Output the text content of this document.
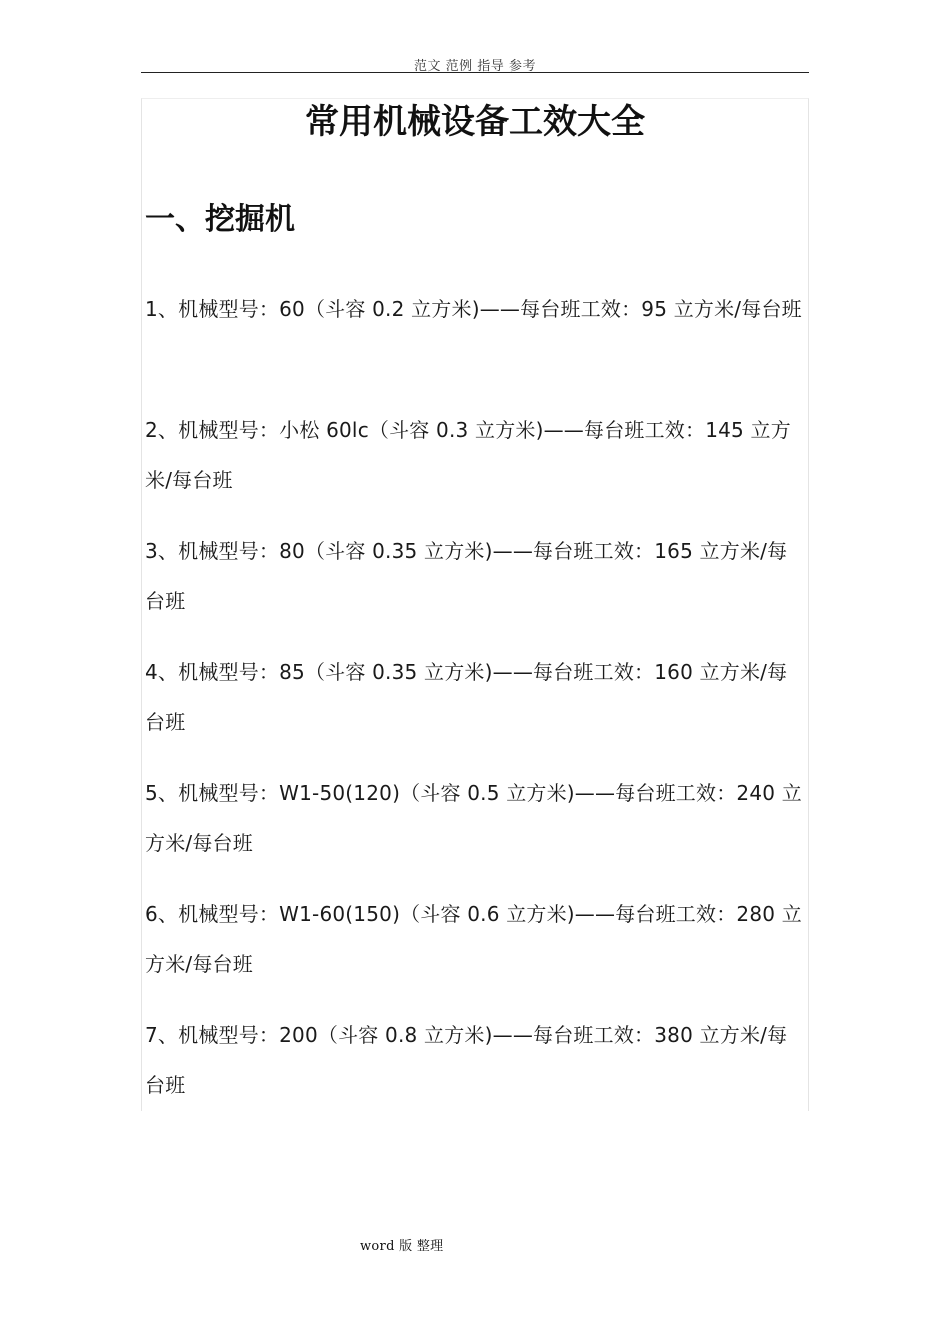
范文 范例 指导 参考
常用机械设备工效大全
一、挖掘机
1、机械型号：60（斗容 0.2 立方米)——每台班工效：95 立方米/每台班
2、机械型号：小松 60lc（斗容 0.3 立方米)——每台班工效：145 立方米/每台班
3、机械型号：80（斗容 0.35 立方米)——每台班工效：165 立方米/每台班
4、机械型号：85（斗容 0.35 立方米)——每台班工效：160 立方米/每台班
5、机械型号：W1-50(120)（斗容 0.5 立方米)——每台班工效：240 立方米/每台班
6、机械型号：W1-60(150)（斗容 0.6 立方米)——每台班工效：280 立方米/每台班
7、机械型号：200（斗容 0.8 立方米)——每台班工效：380 立方米/每台班
word 版 整理
